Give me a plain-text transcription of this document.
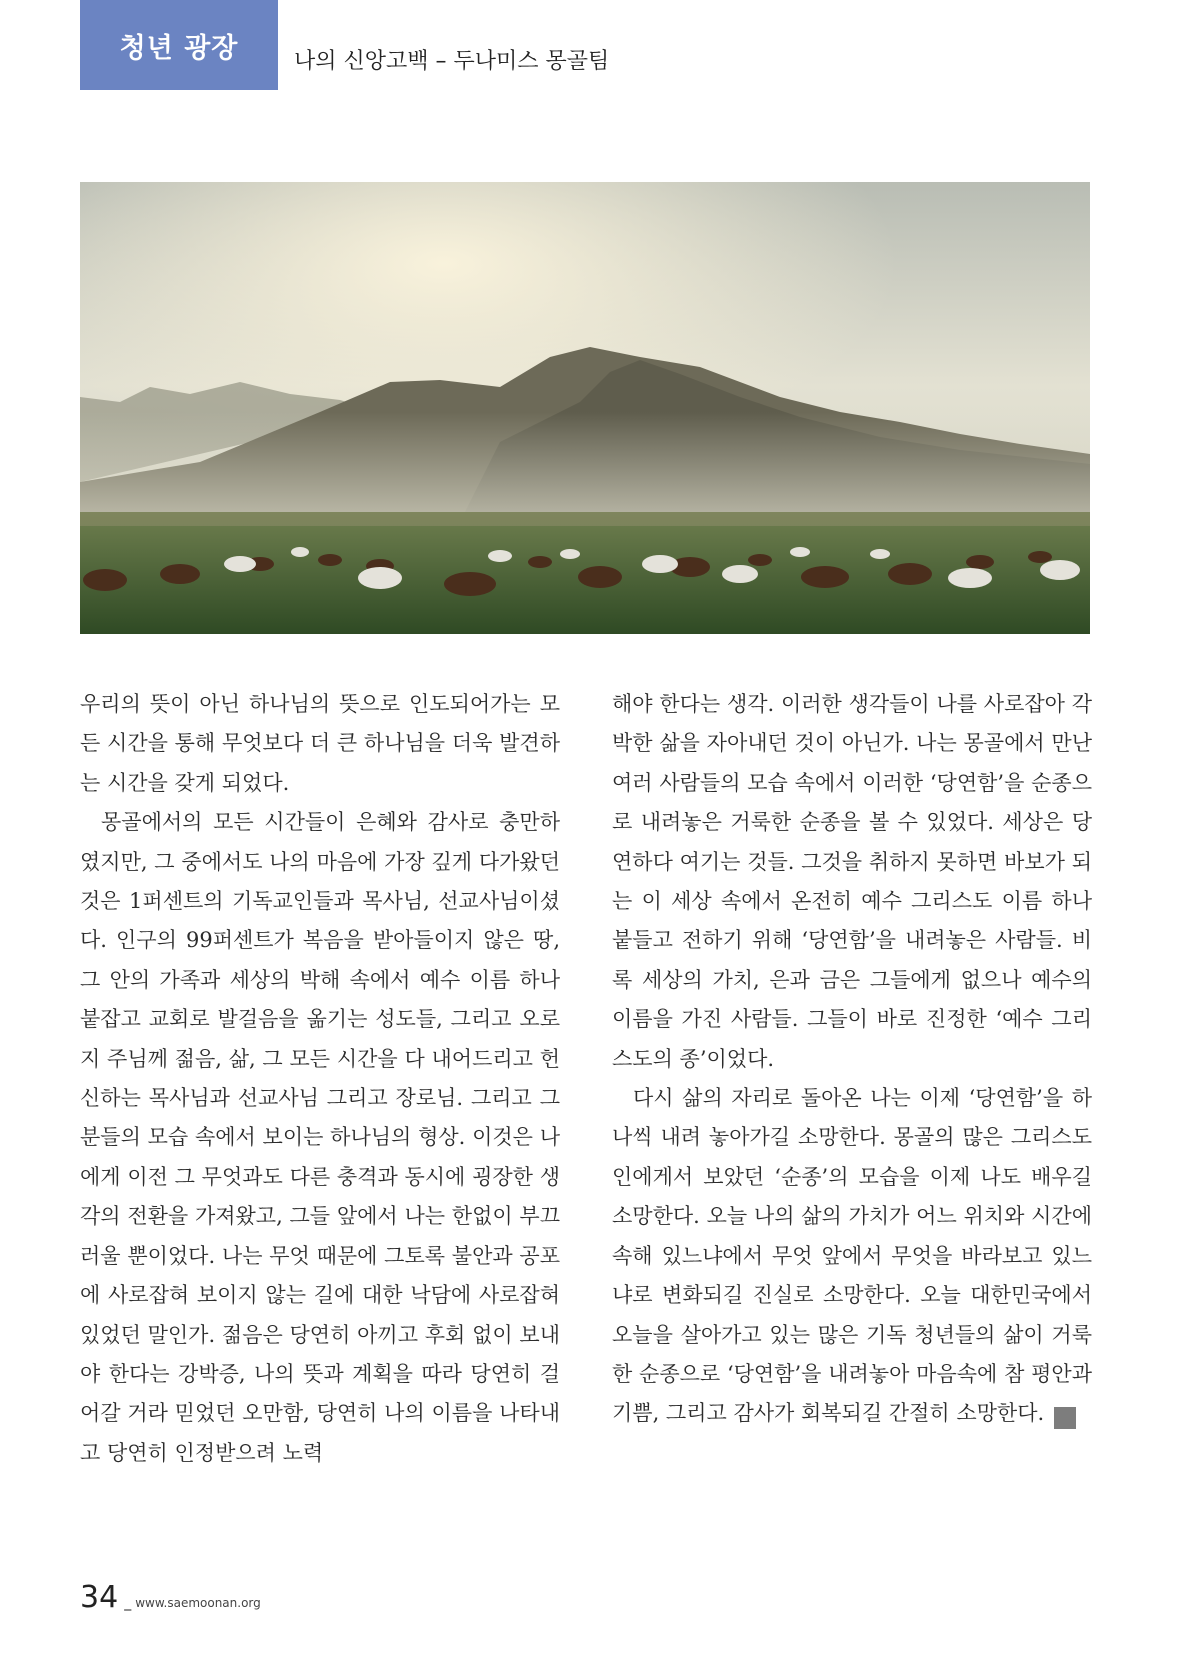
청년 광장	나의 신앙고백 – 두나미스 몽골팀

우리의 뜻이 아닌 하나님의 뜻으로 인도되어가는 모든 시간을 통해 무엇보다 더 큰 하나님을 더욱 발견하는 시간을 갖게 되었다.

몽골에서의 모든 시간들이 은혜와 감사로 충만하였지만, 그 중에서도 나의 마음에 가장 깊게 다가왔던 것은 1퍼센트의 기독교인들과 목사님, 선교사님이셨다. 인구의 99퍼센트가 복음을 받아들이지 않은 땅, 그 안의 가족과 세상의 박해 속에서 예수 이름 하나 붙잡고 교회로 발걸음을 옮기는 성도들, 그리고 오로지 주님께 젊음, 삶, 그 모든 시간을 다 내어드리고 헌신하는 목사님과 선교사님 그리고 장로님. 그리고 그분들의 모습 속에서 보이는 하나님의 형상. 이것은 나에게 이전 그 무엇과도 다른 충격과 동시에 굉장한 생각의 전환을 가져왔고, 그들 앞에서 나는 한없이 부끄러울 뿐이었다. 나는 무엇 때문에 그토록 불안과 공포에 사로잡혀 보이지 않는 길에 대한 낙담에 사로잡혀 있었던 말인가. 젊음은 당연히 아끼고 후회 없이 보내야 한다는 강박증, 나의 뜻과 계획을 따라 당연히 걸어갈 거라 믿었던 오만함, 당연히 나의 이름을 나타내고 당연히 인정받으려 노력

해야 한다는 생각. 이러한 생각들이 나를 사로잡아 각박한 삶을 자아내던 것이 아닌가. 나는 몽골에서 만난 여러 사람들의 모습 속에서 이러한 ‘당연함’을 순종으로 내려놓은 거룩한 순종을 볼 수 있었다. 세상은 당연하다 여기는 것들. 그것을 취하지 못하면 바보가 되는 이 세상 속에서 온전히 예수 그리스도 이름 하나 붙들고 전하기 위해 ‘당연함’을 내려놓은 사람들. 비록 세상의 가치, 은과 금은 그들에게 없으나 예수의 이름을 가진 사람들. 그들이 바로 진정한 ‘예수 그리스도의 종’이었다.

다시 삶의 자리로 돌아온 나는 이제 ‘당연함’을 하나씩 내려 놓아가길 소망한다. 몽골의 많은 그리스도인에게서 보았던 ‘순종’의 모습을 이제 나도 배우길 소망한다. 오늘 나의 삶의 가치가 어느 위치와 시간에 속해 있느냐에서 무엇 앞에서 무엇을 바라보고 있느냐로 변화되길 진실로 소망한다. 오늘 대한민국에서 오늘을 살아가고 있는 많은 기독 청년들의 삶이 거룩한 순종으로 ‘당연함’을 내려놓아 마음속에 참 평안과 기쁨, 그리고 감사가 회복되길 간절히 소망한다. 새

34 _ www.saemoonan.org
